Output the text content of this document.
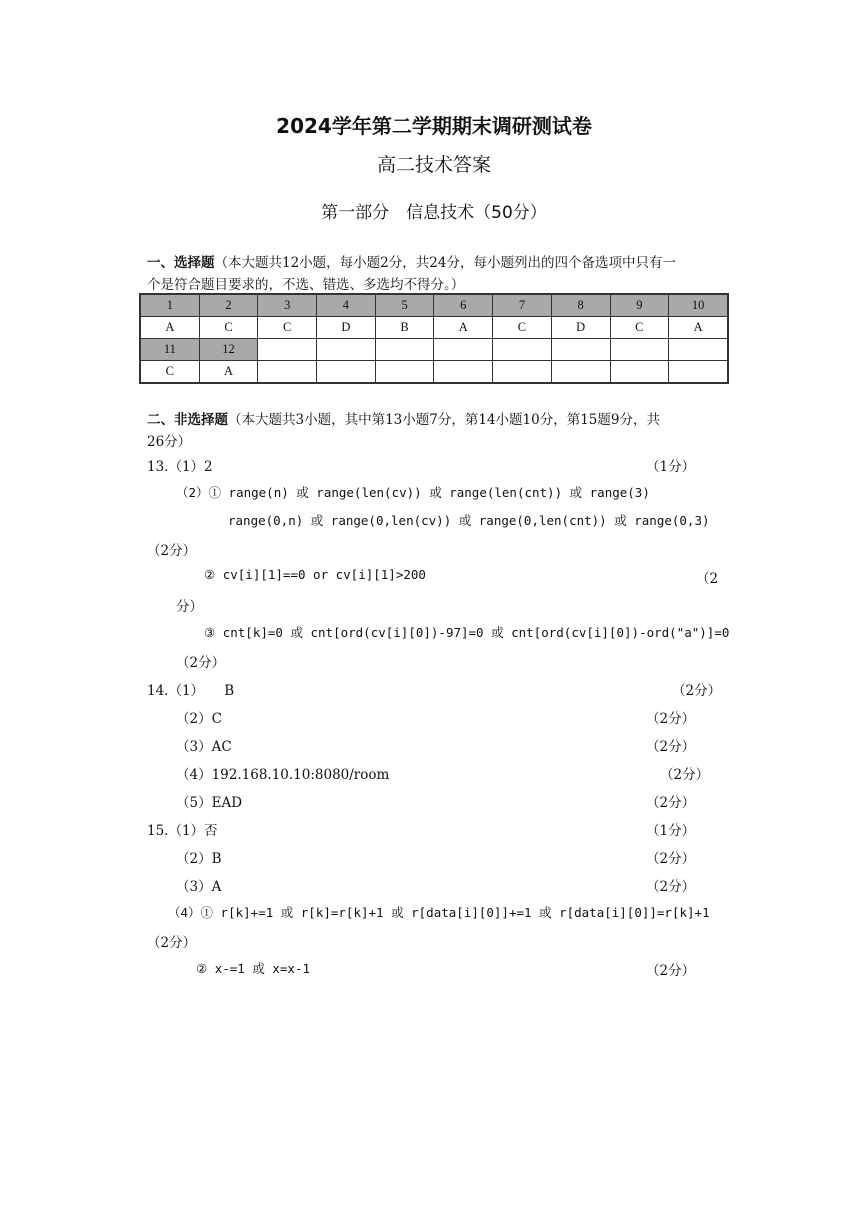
2024学年第二学期期末调研测试卷
高二技术答案
第一部分　信息技术（50分）
一、选择题（本大题共12小题，每小题2分，共24分，每小题列出的四个备选项中只有一
个是符合题目要求的，不选、错选、多选均不得分。）
1	2	3	4	5	6	7	8	9	10
A	C	C	D	B	A	C	D	C	A
11	12								
C	A								
二、非选择题（本大题共3小题，其中第13小题7分，第14小题10分，第15题9分，共
26分）
13.（1）2	（1分）
（2）① range(n) 或 range(len(cv)) 或 range(len(cnt)) 或 range(3)
range(0,n) 或 range(0,len(cv)) 或 range(0,len(cnt)) 或 range(0,3)
（2分）
② cv[i][1]==0 or cv[i][1]>200	（2
分）
③ cnt[k]=0 或 cnt[ord(cv[i][0])-97]=0 或 cnt[ord(cv[i][0])-ord("a")]=0
（2分）
14.（1）　　B	（2分）
（2）C	（2分）
（3）AC	（2分）
（4）192.168.10.10:8080/room	（2分）
（5）EAD	（2分）
15.（1）否	（1分）
（2）B	（2分）
（3）A	（2分）
（4）① r[k]+=1 或 r[k]=r[k]+1 或 r[data[i][0]]+=1 或 r[data[i][0]]=r[k]+1
（2分）
② x-=1 或 x=x-1	（2分）
